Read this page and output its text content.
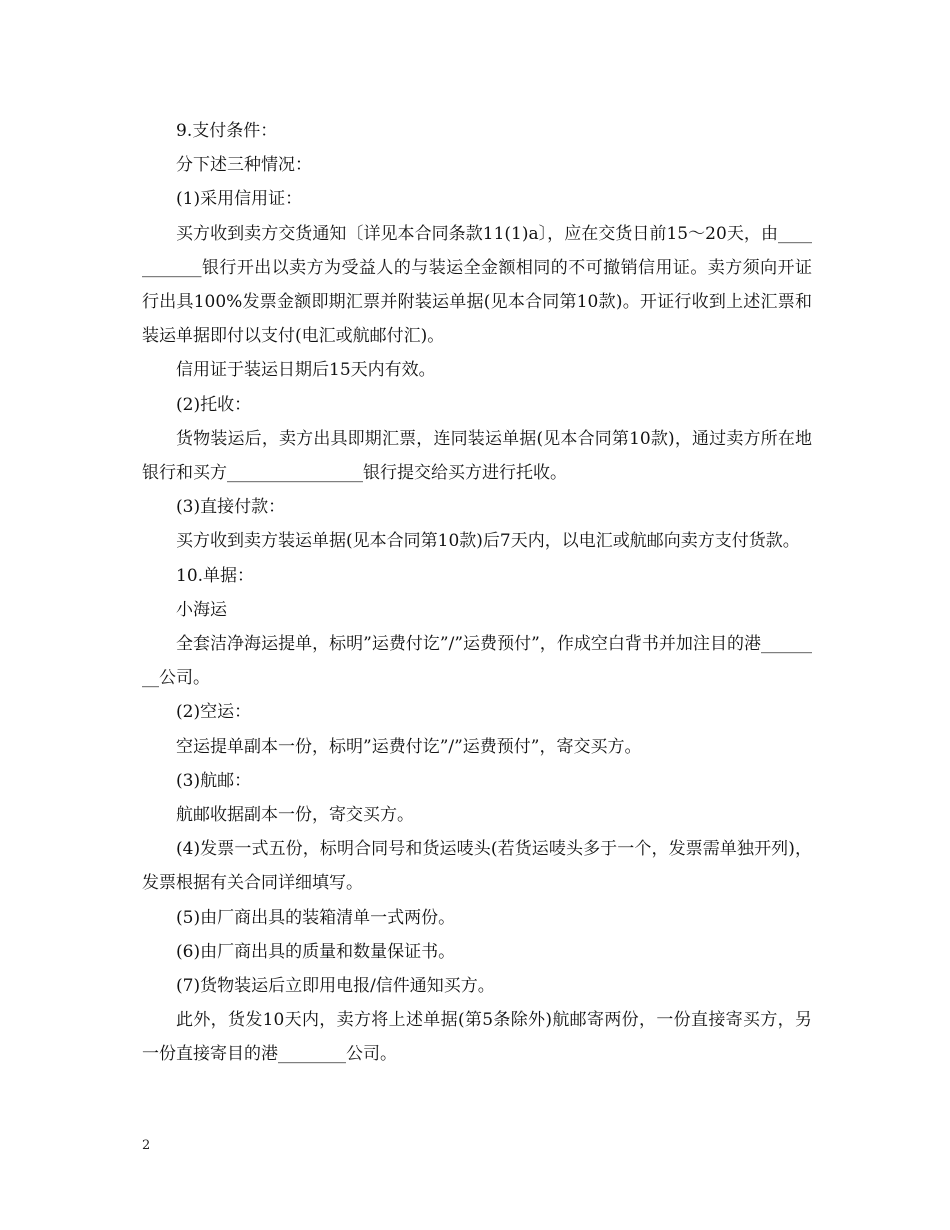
9.支付条件：

分下述三种情况：

(1)采用信用证：

买方收到卖方交货通知〔详见本合同条款11(1)a〕，应在交货日前15～20天，由___________银行开出以卖方为受益人的与装运全金额相同的不可撤销信用证。卖方须向开证行出具100%发票金额即期汇票并附装运单据(见本合同第10款)。开证行收到上述汇票和装运单据即付以支付(电汇或航邮付汇)。

信用证于装运日期后15天内有效。

(2)托收：

货物装运后，卖方出具即期汇票，连同装运单据(见本合同第10款)，通过卖方所在地银行和买方________________银行提交给买方进行托收。

(3)直接付款：

买方收到卖方装运单据(见本合同第10款)后7天内，以电汇或航邮向卖方支付货款。

10.单据：

小海运

全套洁净海运提单，标明”运费付讫”/”运费预付”，作成空白背书并加注目的港________公司。

(2)空运：

空运提单副本一份，标明”运费付讫”/”运费预付”，寄交买方。

(3)航邮：

航邮收据副本一份，寄交买方。

(4)发票一式五份，标明合同号和货运唛头(若货运唛头多于一个，发票需单独开列)，发票根据有关合同详细填写。

(5)由厂商出具的装箱清单一式两份。

(6)由厂商出具的质量和数量保证书。

(7)货物装运后立即用电报/信件通知买方。

此外，货发10天内，卖方将上述单据(第5条除外)航邮寄两份，一份直接寄买方，另一份直接寄目的港________公司。

2
